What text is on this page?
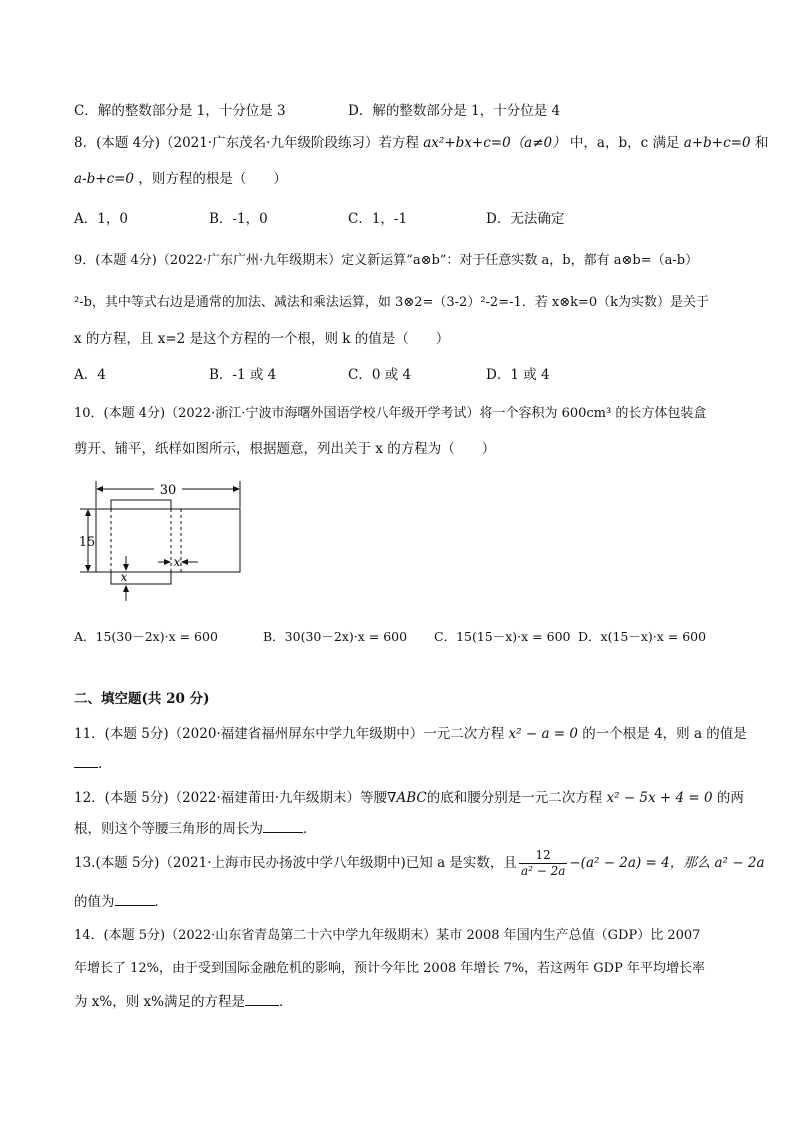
C．解的整数部分是 1，十分位是 3	D．解的整数部分是 1，十分位是 4
8．(本题 4分)（2021·广东茂名·九年级阶段练习）若方程 ax²+bx+c=0（a≠0） 中，a，b，c 满足 a+b+c=0 和
a-b+c=0 ，则方程的根是（　　）
A．1，0	B．-1，0	C．1，-1	D．无法确定
9．(本题 4分)（2022·广东广州·九年级期末）定义新运算“a⊗b”：对于任意实数 a，b，都有 a⊗b=（a-b）
²-b，其中等式右边是通常的加法、减法和乘法运算，如 3⊗2=（3-2）²-2=-1．若 x⊗k=0（k为实数）是关于
x 的方程，且 x=2 是这个方程的一个根，则 k 的值是（　　）
A．4	B．-1 或 4	C．0 或 4	D．1 或 4
10．(本题 4分)（2022·浙江·宁波市海曙外国语学校八年级开学考试）将一个容积为 600cm³ 的长方体包装盒
剪开、铺平，纸样如图所示，根据题意，列出关于 x 的方程为（　　）
30
15
x
x
A．15(30－2x)·x = 600	B．30(30－2x)·x = 600 C．15(15－x)·x = 600 D．x(15－x)·x = 600
二、填空题(共 20 分)
11．(本题 5分)（2020·福建省福州屏东中学九年级期中）一元二次方程 x² − a = 0 的一个根是 4，则 a 的值是
．
12．(本题 5分)（2022·福建莆田·九年级期末）等腰∇ABC的底和腰分别是一元二次方程 x² − 5x + 4 = 0 的两
根，则这个等腰三角形的周长为	．
13.(本题 5分)（2021·上海市民办扬波中学八年级期中)已知 a 是实数，且 $\frac{12}{\text{a² − 2a}} -(a^2 - 2a) = 4$，那么 a² − 2a
的值为	．
14．(本题 5分)（2022·山东省青岛第二十六中学九年级期末）某市 2008 年国内生产总值（GDP）比 2007
年增长了 12%，由于受到国际金融危机的影响，预计今年比 2008 年增长 7%，若这两年 GDP 年平均增长率
为 x%，则 x%满足的方程是	．
